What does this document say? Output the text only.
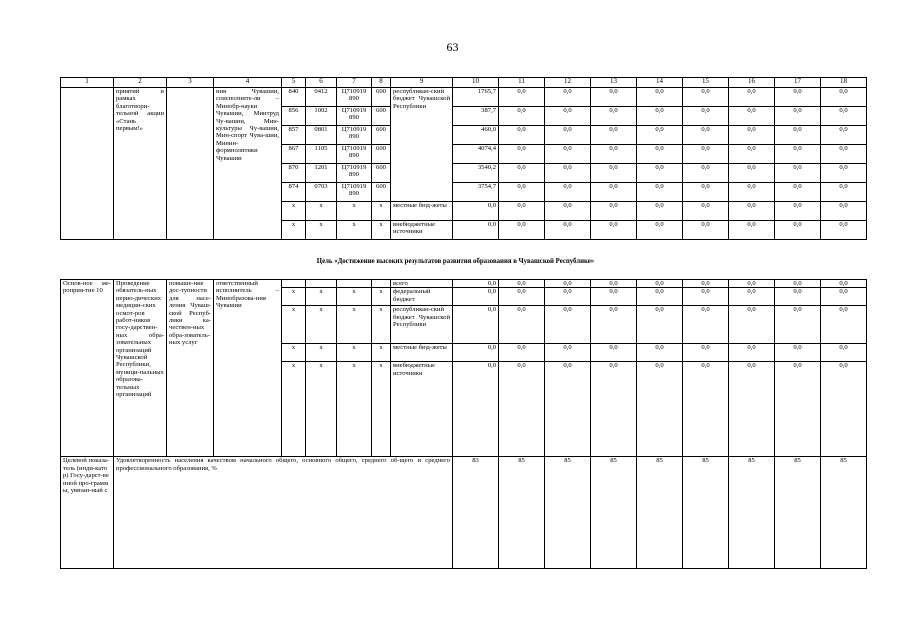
63
1	2	3	4	5	6	7	8	9	10	11	12	13	14	15	16	17	18
	приятий в рамках благотвори-тельной акции «Стань первым!»		ния Чувашии, соисполните-ли – Минобр-науки Чувашии, Минтруд Чу-вашии, Мин-культуры Чу-вашии, Мин-спорт Чува-шии, Минин-формполитики Чувашии	840	0412	Ц710919 890	600	республикан-ский бюджет Чувашской Республики	1765,7	0,0	0,0	0,0	0,0	0,0	0,0	0,0	0,0
				856	1002	Ц710919 890	600		387,7	0,0	0,0	0,0	0,0	0,0	0,0	0,0	0,0
				857	0801	Ц710919 890	600		460,0	0,0	0,0	0,0	0,0	0,0	0,0	0,0	0,0
				867	1105	Ц710919 890	600		4074,4	0,0	0,0	0,0	0,0	0,0	0,0	0,0	0,0
				870	1201	Ц710919 890	600		3540,2	0,0	0,0	0,0	0,0	0,0	0,0	0,0	0,0
				874	0703	Ц710919 890	600		3754,7	0,0	0,0	0,0	0,0	0,0	0,0	0,0	0,0
				x	x	x	x	местные бюд-жеты	0,0	0,0	0,0	0,0	0,0	0,0	0,0	0,0	0,0
				x	x	x	x	внебюджетные источники	0,0	0,0	0,0	0,0	0,0	0,0	0,0	0,0	0,0
Цель «Достижение высоких результатов развития образования в Чувашской Республике»
Основ-ное ме-роприя-тие 10	Проведение обязатель-ных перио-дических медицин-ских осмот-ров работ-ников госу-дарствен-ных обра-зовательных организаций Чувашской Республики, муници-пальных образова-тельных организаций	повыше-ние дос-тупности для насе-ления Чуваш-ской Респуб-лики ка-чествен-ных обра-зователь-ных услуг	ответственный исполнитель – Минобразова-ния Чувашии					всего	0,0	0,0	0,0	0,0	0,0	0,0	0,0	0,0	0,0
				x	x	x	x	федеральный бюджет	0,0	0,0	0,0	0,0	0,0	0,0	0,0	0,0	0,0
				x	x	x	x	республикан-ский бюджет Чувашской Республики	0,0	0,0	0,0	0,0	0,0	0,0	0,0	0,0	0,0
				x	x	x	x	местные бюд-жеты	0,0	0,0	0,0	0,0	0,0	0,0	0,0	0,0	0,0
				x	x	x	x	внебюджетные источники	0,0	0,0	0,0	0,0	0,0	0,0	0,0	0,0	0,0
Целевой показа-тель (инди-катор) Госу-дарст-венной про-граммы, увязан-ный с	Удовлетворенность населения качеством начального общего, основного общего, среднего об-щего и среднего профессионального образования, %								83	85	85	85	85	85	85	85	85
